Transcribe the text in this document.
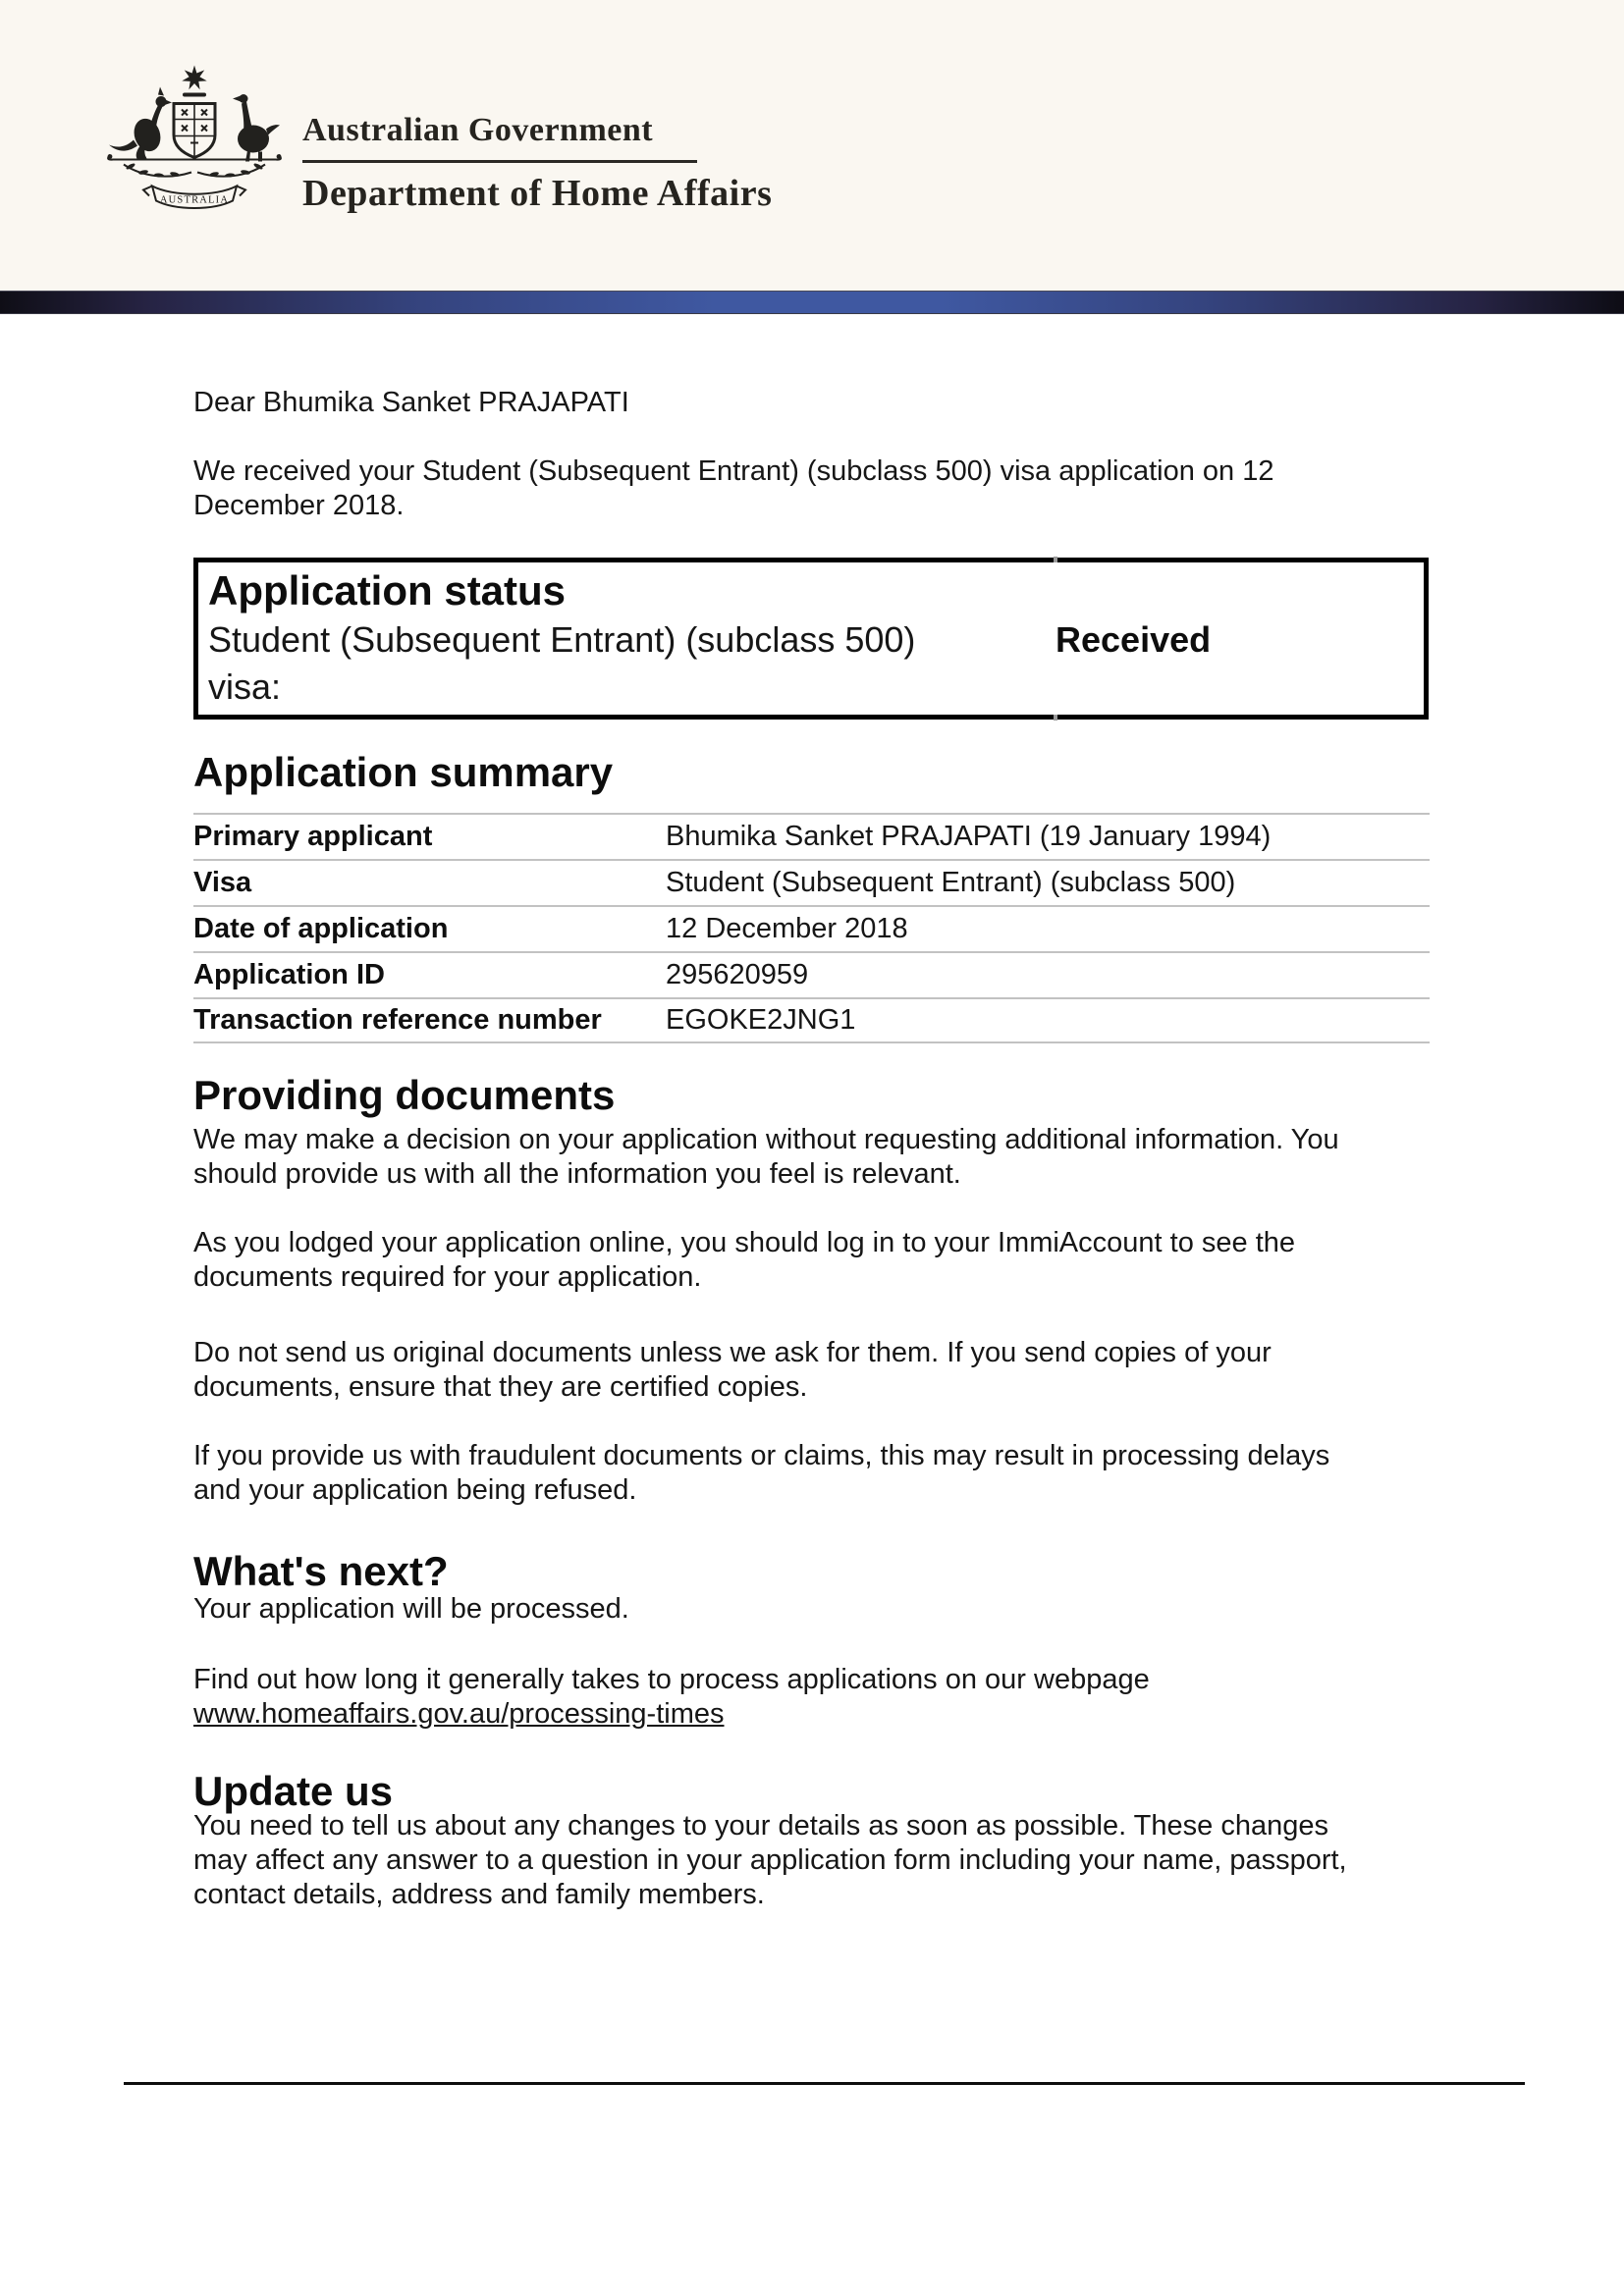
AUSTRALIA
Australian Government
Department of Home Affairs
Dear Bhumika Sanket PRAJAPATI
We received your Student (Subsequent Entrant) (subclass 500) visa application on 12
December 2018.
Application status
Student (Subsequent Entrant) (subclass 500)
visa:
Received
Application summary
Primary applicant	Bhumika Sanket PRAJAPATI (19 January 1994)
Visa	Student (Subsequent Entrant) (subclass 500)
Date of application	12 December 2018
Application ID	295620959
Transaction reference number	EGOKE2JNG1
Providing documents
We may make a decision on your application without requesting additional information. You
should provide us with all the information you feel is relevant.
As you lodged your application online, you should log in to your ImmiAccount to see the
documents required for your application.
Do not send us original documents unless we ask for them. If you send copies of your
documents, ensure that they are certified copies.
If you provide us with fraudulent documents or claims, this may result in processing delays
and your application being refused.
What's next?
Your application will be processed.
Find out how long it generally takes to process applications on our webpage
www.homeaffairs.gov.au/processing-times
Update us
You need to tell us about any changes to your details as soon as possible. These changes
may affect any answer to a question in your application form including your name, passport,
contact details, address and family members.
